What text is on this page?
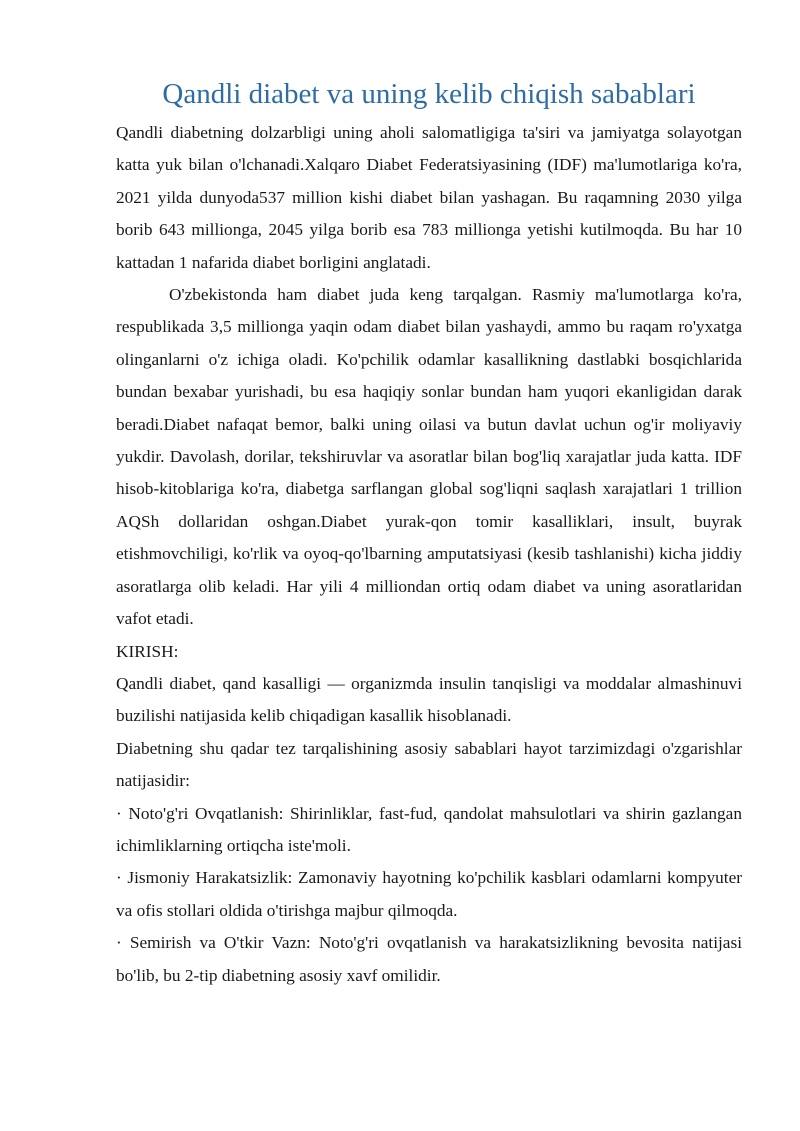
Qandli diabet va uning kelib chiqish sabablari

Qandli diabetning dolzarbligi uning aholi salomatligiga ta'siri va jamiyatga solayotgan katta yuk bilan o'lchanadi.Xalqaro Diabet Federatsiyasining (IDF) ma'lumotlariga ko'ra, 2021 yilda dunyoda537 million kishi diabet bilan yashagan. Bu raqamning 2030 yilga borib 643 millionga, 2045 yilga borib esa 783 millionga yetishi kutilmoqda. Bu har 10 kattadan 1 nafarida diabet borligini anglatadi.

O'zbekistonda ham diabet juda keng tarqalgan. Rasmiy ma'lumotlarga ko'ra, respublikada 3,5 millionga yaqin odam diabet bilan yashaydi, ammo bu raqam ro'yxatga olinganlarni o'z ichiga oladi. Ko'pchilik odamlar kasallikning dastlabki bosqichlarida bundan bexabar yurishadi, bu esa haqiqiy sonlar bundan ham yuqori ekanligidan darak beradi.Diabet nafaqat bemor, balki uning oilasi va butun davlat uchun og'ir moliyaviy yukdir. Davolash, dorilar, tekshiruvlar va asoratlar bilan bog'liq xarajatlar juda katta. IDF hisob-kitoblariga ko'ra, diabetga sarflangan global sog'liqni saqlash xarajatlari 1 trillion AQSh dollaridan oshgan.Diabet yurak-qon tomir kasalliklari, insult, buyrak etishmovchiligi, ko'rlik va oyoq-qo'lbarning amputatsiyasi (kesib tashlanishi) kicha jiddiy asoratlarga olib keladi. Har yili 4 milliondan ortiq odam diabet va uning asoratlaridan vafot etadi.

KIRISH:

Qandli diabet, qand kasalligi — organizmda insulin tanqisligi va moddalar almashinuvi buzilishi natijasida kelib chiqadigan kasallik hisoblanadi.

Diabetning shu qadar tez tarqalishining asosiy sabablari hayot tarzimizdagi o'zgarishlar natijasidir:

· Noto'g'ri Ovqatlanish: Shirinliklar, fast-fud, qandolat mahsulotlari va shirin gazlangan ichimliklarning ortiqcha iste'moli.

· Jismoniy Harakatsizlik: Zamonaviy hayotning ko'pchilik kasblari odamlarni kompyuter va ofis stollari oldida o'tirishga majbur qilmoqda.

· Semirish va O'tkir Vazn: Noto'g'ri ovqatlanish va harakatsizlikning bevosita natijasi bo'lib, bu 2-tip diabetning asosiy xavf omilidir.
